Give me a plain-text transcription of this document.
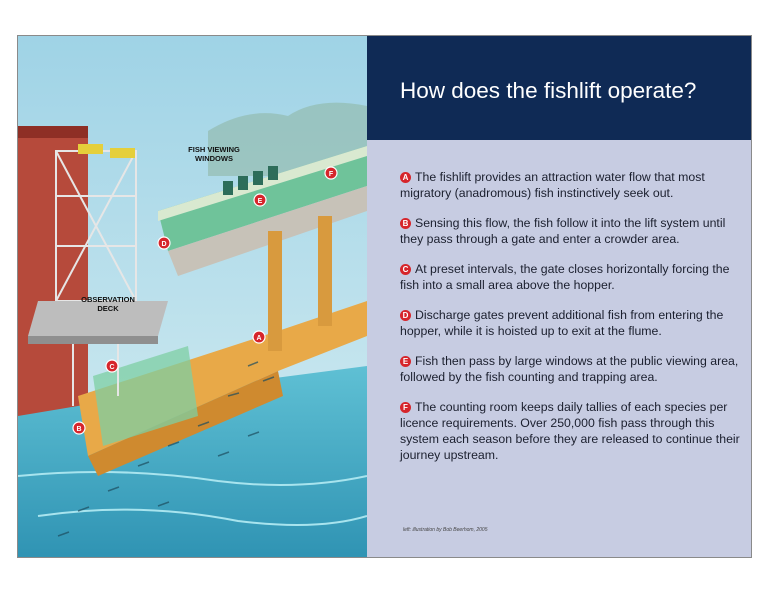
FISH VIEWING
WINDOWS
OBSERVATION
DECK
A
B
C
D
E
F
How does the fishlift operate?
A The fishlift provides an attraction water flow that most migratory (anadromous) fish instinctively seek out.
B Sensing this flow, the fish follow it into the lift system until they pass through a gate and enter a crowder area.
C At preset intervals, the gate closes horizontally forcing the fish into a small area above the hopper.
D Discharge gates prevent additional fish from entering the hopper, while it is hoisted up to exit at the flume.
E Fish then pass by large windows at the public viewing area, followed by the fish counting and trapping area.
F The counting room keeps daily tallies of each species per licence requirements. Over 250,000 fish pass through this system each season before they are released to continue their journey upstream.
left: illustration by Bob Beerhom, 2005
